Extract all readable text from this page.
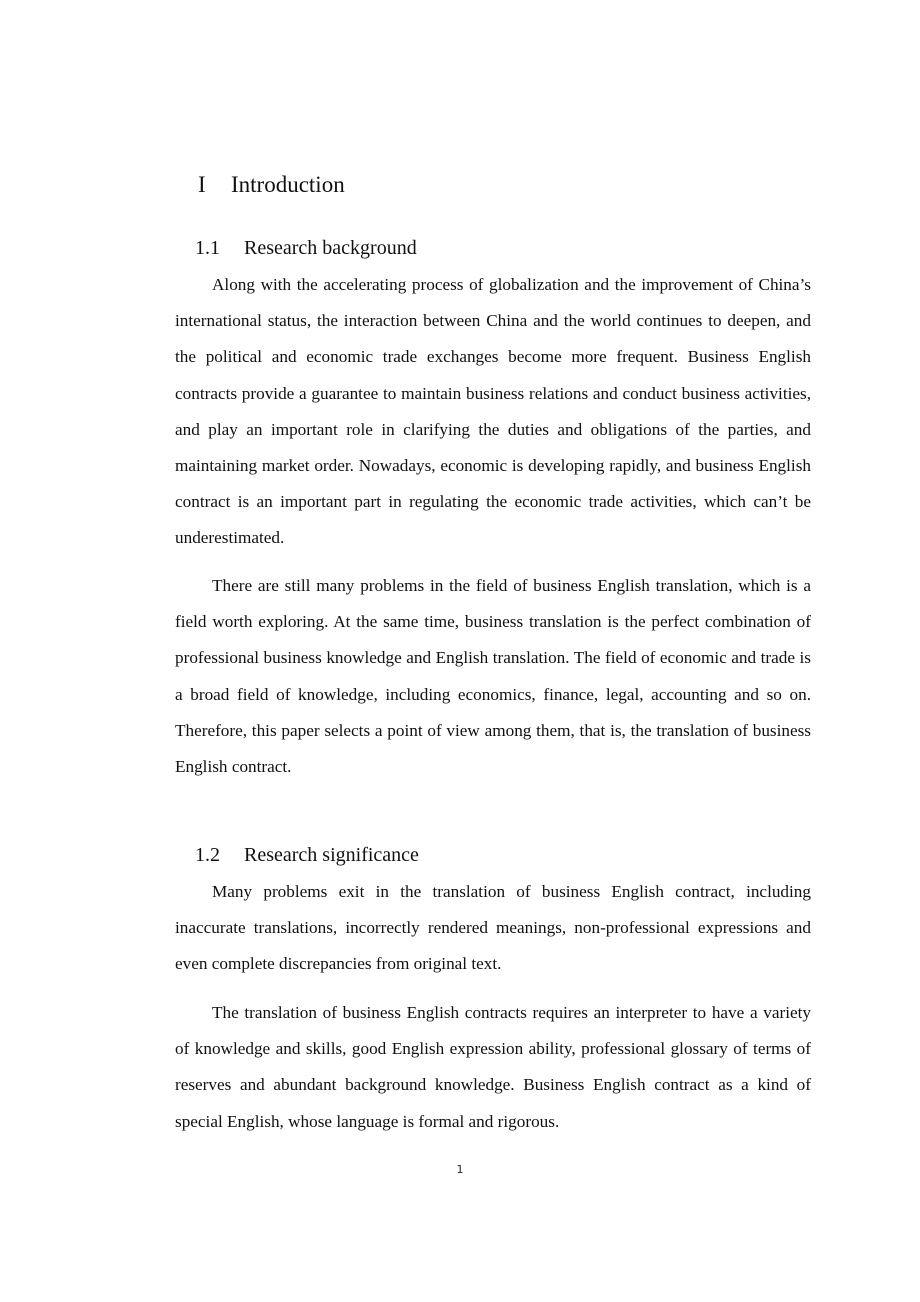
I Introduction

1.1 Research background

Along with the accelerating process of globalization and the improvement of China’s international status, the interaction between China and the world continues to deepen, and the political and economic trade exchanges become more frequent. Business English contracts provide a guarantee to maintain business relations and conduct business activities, and play an important role in clarifying the duties and obligations of the parties, and maintaining market order. Nowadays, economic is developing rapidly, and business English contract is an important part in regulating the economic trade activities, which can’t be underestimated.

There are still many problems in the field of business English translation, which is a field worth exploring. At the same time, business translation is the perfect combination of professional business knowledge and English translation. The field of economic and trade is a broad field of knowledge, including economics, finance, legal, accounting and so on. Therefore, this paper selects a point of view among them, that is, the translation of business English contract.

1.2 Research significance

Many problems exit in the translation of business English contract, including inaccurate translations, incorrectly rendered meanings, non-professional expressions and even complete discrepancies from original text.

The translation of business English contracts requires an interpreter to have a variety of knowledge and skills, good English expression ability, professional glossary of terms of reserves and abundant background knowledge. Business English contract as a kind of special English, whose language is formal and rigorous.

1
